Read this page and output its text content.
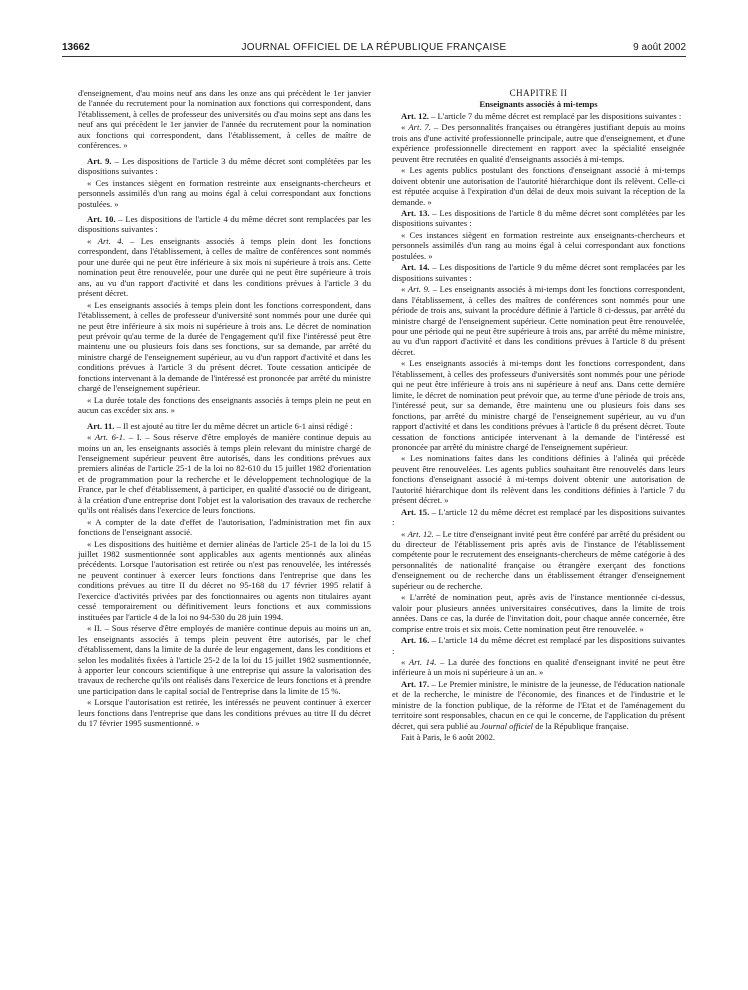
13662	JOURNAL OFFICIEL DE LA RÉPUBLIQUE FRANÇAISE	9 août 2002

d'enseignement, d'au moins neuf ans dans les onze ans qui précèdent le 1er janvier de l'année du recrutement pour la nomination aux fonctions qui correspondent, dans l'établissement, à celles de professeur des universités ou d'au moins sept ans dans les neuf ans qui précèdent le 1er janvier de l'année du recrutement pour la nomination aux fonctions qui correspondent, dans l'établissement, à celles de maître de conférences. »

Art. 9. – Les dispositions de l'article 3 du même décret sont complétées par les dispositions suivantes :

« Ces instances siègent en formation restreinte aux enseignants-chercheurs et personnels assimilés d'un rang au moins égal à celui correspondant aux fonctions postulées. »

Art. 10. – Les dispositions de l'article 4 du même décret sont remplacées par les dispositions suivantes :

« Art. 4. – Les enseignants associés à temps plein dont les fonctions correspondent, dans l'établissement, à celles de maître de conférences sont nommés pour une durée qui ne peut être inférieure à six mois ni supérieure à trois ans. Cette nomination peut être renouvelée, pour une durée qui ne peut être supérieure à trois ans, au vu d'un rapport d'activité et dans les conditions prévues à l'article 3 du présent décret.

« Les enseignants associés à temps plein dont les fonctions correspondent, dans l'établissement, à celles de professeur d'université sont nommés pour une durée qui ne peut être inférieure à six mois ni supérieure à trois ans. Le décret de nomination peut prévoir qu'au terme de la durée de l'engagement qu'il fixe l'intéressé peut être maintenu une ou plusieurs fois dans ses fonctions, sur sa demande, par arrêté du ministre chargé de l'enseignement supérieur, au vu d'un rapport d'activité et dans les conditions prévues à l'article 3 du présent décret. Toute cessation anticipée de fonctions intervenant à la demande de l'intéressé est prononcée par arrêté du ministre chargé de l'enseignement supérieur.

« La durée totale des fonctions des enseignants associés à temps plein ne peut en aucun cas excéder six ans. »

Art. 11. – Il est ajouté au titre Ier du même décret un article 6-1 ainsi rédigé :

« Art. 6-1. – I. – Sous réserve d'être employés de manière continue depuis au moins un an, les enseignants associés à temps plein relevant du ministre chargé de l'enseignement supérieur peuvent être autorisés, dans les conditions prévues aux premiers alinéas de l'article 25-1 de la loi no 82-610 du 15 juillet 1982 d'orientation et de programmation pour la recherche et le développement technologique de la France, par le chef d'établissement, à participer, en qualité d'associé ou de dirigeant, à la création d'une entreprise dont l'objet est la valorisation des travaux de recherche qu'ils ont réalisés dans l'exercice de leurs fonctions.

« A compter de la date d'effet de l'autorisation, l'administration met fin aux fonctions de l'enseignant associé.

« Les dispositions des huitième et dernier alinéas de l'article 25-1 de la loi du 15 juillet 1982 susmentionnée sont applicables aux agents mentionnés aux alinéas précédents. Lorsque l'autorisation est retirée ou n'est pas renouvelée, les intéressés ne peuvent continuer à exercer leurs fonctions dans l'entreprise que dans les conditions prévues au titre II du décret no 95-168 du 17 février 1995 relatif à l'exercice d'activités privées par des fonctionnaires ou agents non titulaires ayant cessé temporairement ou définitivement leurs fonctions et aux commissions instituées par l'article 4 de la loi no 94-530 du 28 juin 1994.

« II. – Sous réserve d'être employés de manière continue depuis au moins un an, les enseignants associés à temps plein peuvent être autorisés, par le chef d'établissement, dans la limite de la durée de leur engagement, dans les conditions et selon les modalités fixées à l'article 25-2 de la loi du 15 juillet 1982 susmentionnée, à apporter leur concours scientifique à une entreprise qui assure la valorisation des travaux de recherche qu'ils ont réalisés dans l'exercice de leurs fonctions et à prendre une participation dans le capital social de l'entreprise dans la limite de 15 %.

« Lorsque l'autorisation est retirée, les intéressés ne peuvent continuer à exercer leurs fonctions dans l'entreprise que dans les conditions prévues au titre II du décret du 17 février 1995 susmentionné. »

CHAPITRE II

Enseignants associés à mi-temps

Art. 12. – L'article 7 du même décret est remplacé par les dispositions suivantes :

« Art. 7. – Des personnalités françaises ou étrangères justifiant depuis au moins trois ans d'une activité professionnelle principale, autre que d'enseignement, et d'une expérience professionnelle directement en rapport avec la spécialité enseignée peuvent être recrutées en qualité d'enseignants associés à mi-temps.

« Les agents publics postulant des fonctions d'enseignant associé à mi-temps doivent obtenir une autorisation de l'autorité hiérarchique dont ils relèvent. Celle-ci est réputée acquise à l'expiration d'un délai de deux mois suivant la réception de la demande. »

Art. 13. – Les dispositions de l'article 8 du même décret sont complétées par les dispositions suivantes :

« Ces instances siègent en formation restreinte aux enseignants-chercheurs et personnels assimilés d'un rang au moins égal à celui correspondant aux fonctions postulées. »

Art. 14. – Les dispositions de l'article 9 du même décret sont remplacées par les dispositions suivantes :

« Art. 9. – Les enseignants associés à mi-temps dont les fonctions correspondent, dans l'établissement, à celles des maîtres de conférences sont nommés pour une période de trois ans, suivant la procédure définie à l'article 8 ci-dessus, par arrêté du ministre chargé de l'enseignement supérieur. Cette nomination peut être renouvelée, pour une période qui ne peut être supérieure à trois ans, par arrêté du même ministre, au vu d'un rapport d'activité et dans les conditions prévues à l'article 8 du présent décret.

« Les enseignants associés à mi-temps dont les fonctions correspondent, dans l'établissement, à celles des professeurs d'universités sont nommés pour une période qui ne peut être inférieure à trois ans ni supérieure à neuf ans. Dans cette dernière limite, le décret de nomination peut prévoir que, au terme d'une période de trois ans, l'intéressé peut, sur sa demande, être maintenu une ou plusieurs fois dans ses fonctions, par arrêté du ministre chargé de l'enseignement supérieur, au vu d'un rapport d'activité et dans les conditions prévues à l'article 8 du présent décret. Toute cessation de fonctions anticipée intervenant à la demande de l'intéressé est prononcée par arrêté du ministre chargé de l'enseignement supérieur.

« Les nominations faites dans les conditions définies à l'alinéa qui précède peuvent être renouvelées. Les agents publics souhaitant être renouvelés dans leurs fonctions d'enseignant associé à mi-temps doivent obtenir une autorisation de l'autorité hiérarchique dont ils relèvent dans les conditions définies à l'article 7 du présent décret. »

Art. 15. – L'article 12 du même décret est remplacé par les dispositions suivantes :

« Art. 12. – Le titre d'enseignant invité peut être conféré par arrêté du président ou du directeur de l'établissement pris après avis de l'instance de l'établissement compétente pour le recrutement des enseignants-chercheurs de même catégorie à des personnalités de nationalité française ou étrangère exerçant des fonctions d'enseignement ou de recherche dans un établissement étranger d'enseignement supérieur ou de recherche.

« L'arrêté de nomination peut, après avis de l'instance mentionnée ci-dessus, valoir pour plusieurs années universitaires consécutives, dans la limite de trois années. Dans ce cas, la durée de l'invitation doit, pour chaque année concernée, être comprise entre trois et six mois. Cette nomination peut être renouvelée. »

Art. 16. – L'article 14 du même décret est remplacé par les dispositions suivantes :

« Art. 14. – La durée des fonctions en qualité d'enseignant invité ne peut être inférieure à un mois ni supérieure à un an. »

Art. 17. – Le Premier ministre, le ministre de la jeunesse, de l'éducation nationale et de la recherche, le ministre de l'économie, des finances et de l'industrie et le ministre de la fonction publique, de la réforme de l'Etat et de l'aménagement du territoire sont responsables, chacun en ce qui le concerne, de l'application du présent décret, qui sera publié au Journal officiel de la République française.

Fait à Paris, le 6 août 2002.
